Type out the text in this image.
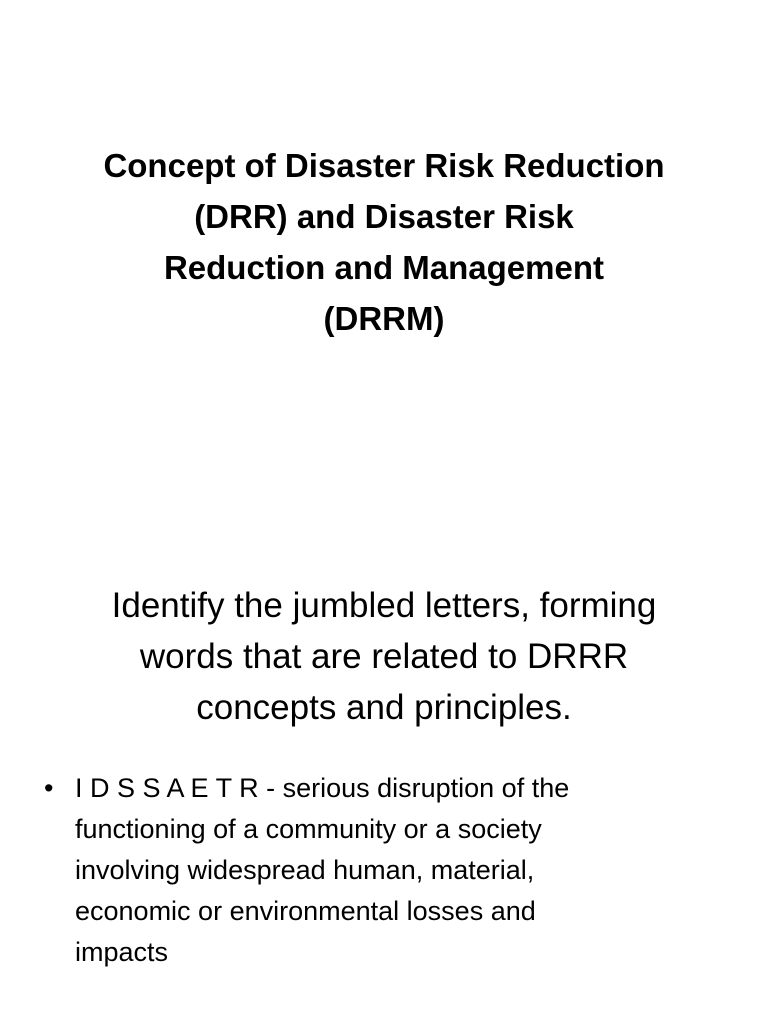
Concept of Disaster Risk Reduction
(DRR) and Disaster Risk
Reduction and Management
(DRRM)
Identify the jumbled letters, forming
words that are related to DRRR
concepts and principles.
• I D S S A E T R - serious disruption of the
functioning of a community or a society
involving widespread human, material,
economic or environmental losses and
impacts
